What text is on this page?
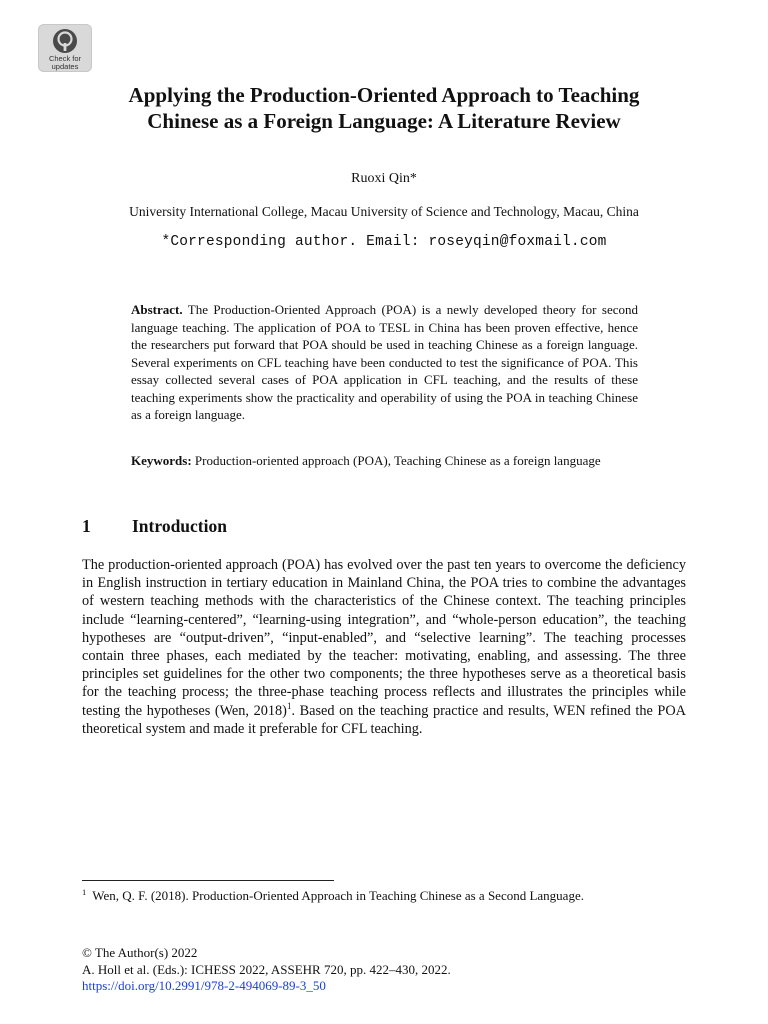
Check for
updates
Applying the Production-Oriented Approach to Teaching
Chinese as a Foreign Language: A Literature Review
Ruoxi Qin*
University International College, Macau University of Science and Technology, Macau, China
*Corresponding author. Email: roseyqin@foxmail.com
Abstract. The Production-Oriented Approach (POA) is a newly developed theory for second language teaching. The application of POA to TESL in China has been proven effective, hence the researchers put forward that POA should be used in teaching Chinese as a foreign language. Several experiments on CFL teaching have been conducted to test the significance of POA. This essay collected several cases of POA application in CFL teaching, and the results of these teaching experiments show the practicality and operability of using the POA in teaching Chinese as a foreign language.
Keywords: Production-oriented approach (POA), Teaching Chinese as a foreign language
1 Introduction
The production-oriented approach (POA) has evolved over the past ten years to overcome the deficiency in English instruction in tertiary education in Mainland China, the POA tries to combine the advantages of western teaching methods with the characteristics of the Chinese context. The teaching principles include “learning-centered”, “learning-using integration”, and “whole-person education”, the teaching hypotheses are “output-driven”, “input-enabled”, and “selective learning”. The teaching processes contain three phases, each mediated by the teacher: motivating, enabling, and assessing. The three principles set guidelines for the other two components; the three hypotheses serve as a theoretical basis for the teaching process; the three-phase teaching process reflects and illustrates the principles while testing the hypotheses (Wen, 2018)$^1$. Based on the teaching practice and results, WEN refined the POA theoretical system and made it preferable for CFL teaching.
$^1$ Wen, Q. F. (2018). Production-Oriented Approach in Teaching Chinese as a Second Language.
© The Author(s) 2022
A. Holl et al. (Eds.): ICHESS 2022, ASSEHR 720, pp. 422–430, 2022.
https://doi.org/10.2991/978-2-494069-89-3_50
